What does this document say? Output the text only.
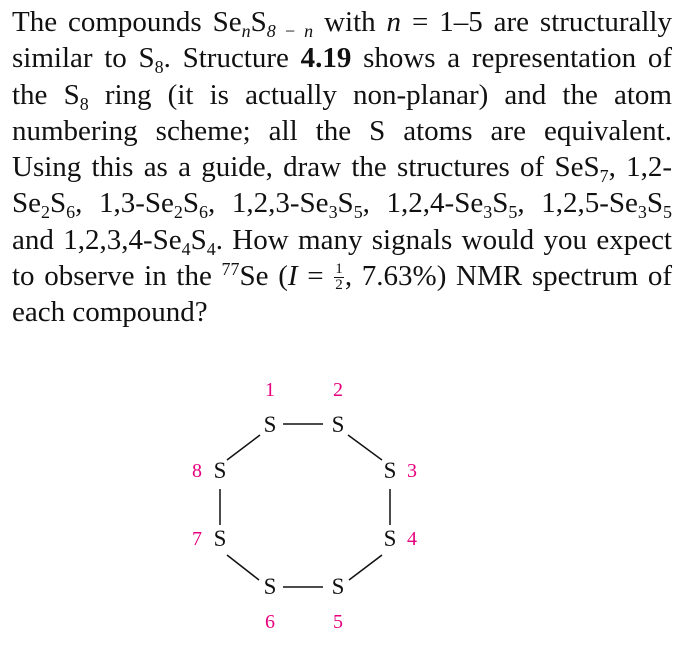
The compounds $Se_nS_{8 - n}$ with n = 1–5 are structurally similar to $S_8$. Structure 4.19 shows a representation of the $S_8$ ring (it is actually non-planar) and the atom numbering scheme; all the S atoms are equivalent. Using this as a guide, draw the structures of SeS$_7$, $1,2-Se_2S_6$, $1,3-Se_2S_6$, $1,2,3-Se_3S_5$, $1,2,4-Se_3S_5$, $1,2,5-Se_3S_5$ and $1,2,3,4-Se_4S_4$. How many signals would you expect to observe in the $^{77}$Se ($I = \frac{1}{2}$ , 7.63%) NMR spectrum of each compound?
S S
S
S
S
S
S
S
1	2
3
4
5
6
7
8
